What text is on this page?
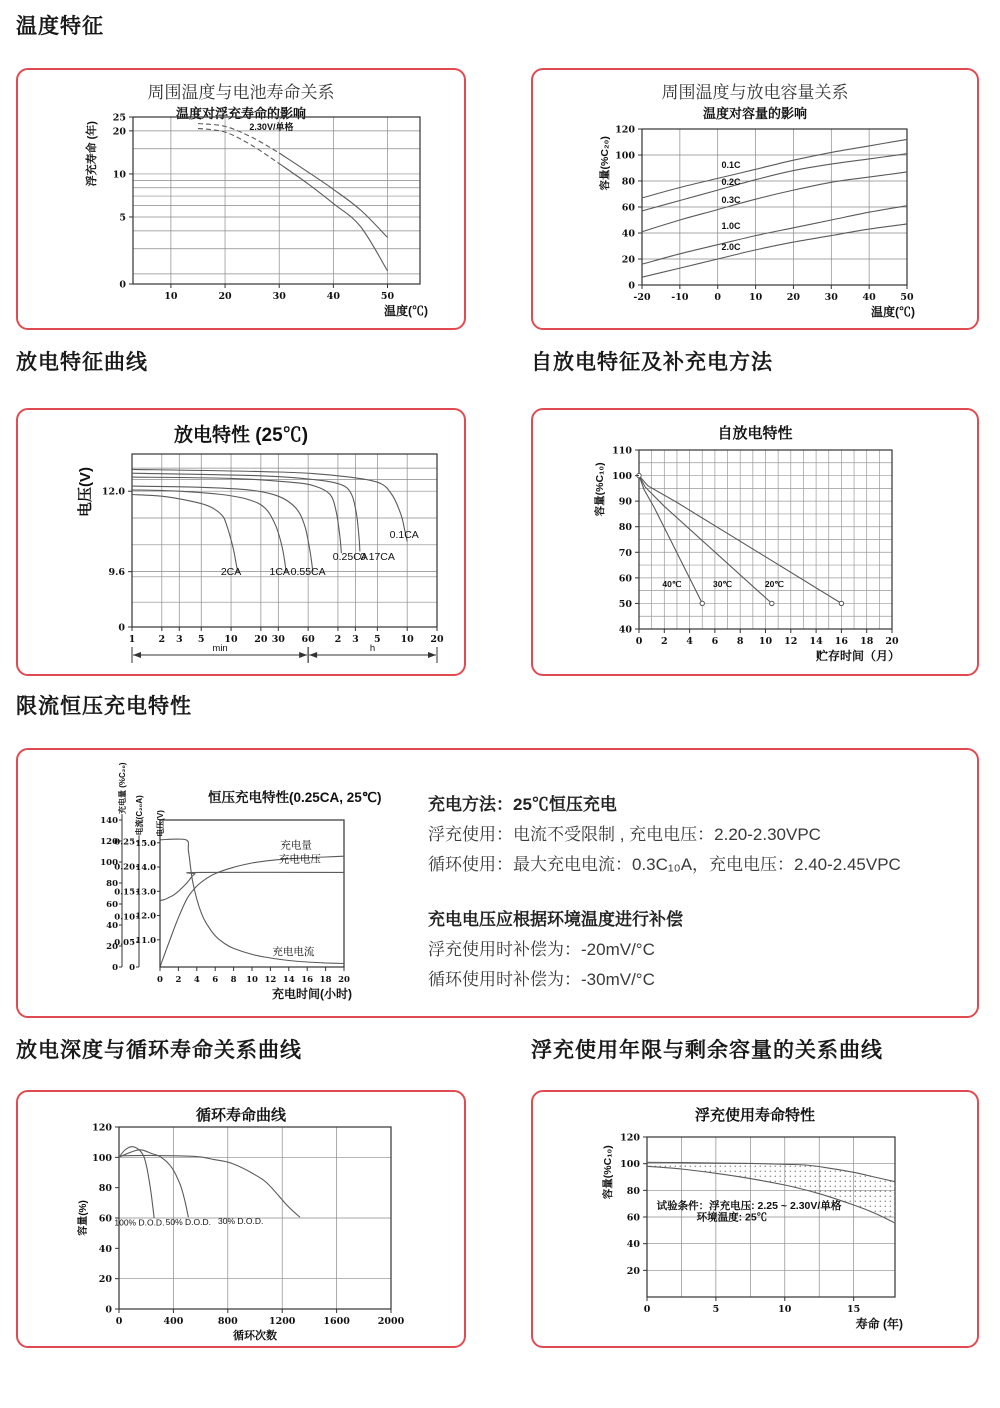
温度特征
周围温度与电池寿命关系
温度对浮充寿命的影响
10	20	30	40	50
25
20
10
5
0
2.30V/单格
浮充寿命 (年)
温度(℃)
周围温度与放电容量关系
温度对容量的影响
-20 -10	0	10	20	30	40	50
0
20
40
60
80
100
120
0.1C
0.2C
0.3C
1.0C
2.0C
容量(%C₂₀)
温度(℃)
放电特征曲线	自放电特征及补充电方法
放电特性 (25℃)
1 2 3 5 10 20 30 60 2 3 5 10 20
12.0
9.6
0
2CA	1CA 0.55CA
0.25CA
0.17CA
0.1CA
电压(V)
min	h
自放电特性
0 2 4 6 8 10 12 14 16 18 20
110
100
90
80
70
60
50
40
40℃	30℃	20℃
容量(%C₁₀)
贮存时间（月）
限流恒压充电特性
恒压充电特性(0.25CA, 25℃)
0 2 4 6 8 10 12 14 16 18 20
0
20
40
60
80
100
120
140
充电量 (%C₂₀)
0
0.05
0.10
0.15
0.20
0.25
电流(C₂₀A)
11.0
12.0
13.0
14.0
15.0
电压(V)
充电量
充电电压
充电电流
充电时间(小时)
充电方法：25℃恒压充电
浮充使用：电流不受限制 , 充电电压：2.20-2.30VPC
循环使用：最大充电电流：0.3C₁₀A，充电电压：2.40-2.45VPC
充电电压应根据环境温度进行补偿
浮充使用时补偿为：-20mV/°C
循环使用时补偿为：-30mV/°C
放电深度与循环寿命关系曲线	浮充使用年限与剩余容量的关系曲线
循环寿命曲线
0	400	800	1200	1600	2000
0
20
40
60
80
100
120
100% D.O.D. 50% D.O.D. 30% D.O.D.
容量(%)
循环次数
浮充使用寿命特性
0	5	10	15
20
40
60
80
100
120
试验条件：浮充电压: 2.25 ~ 2.30V/单格
环境温度: 25℃
容量(%C₁₀)
寿命 (年)
